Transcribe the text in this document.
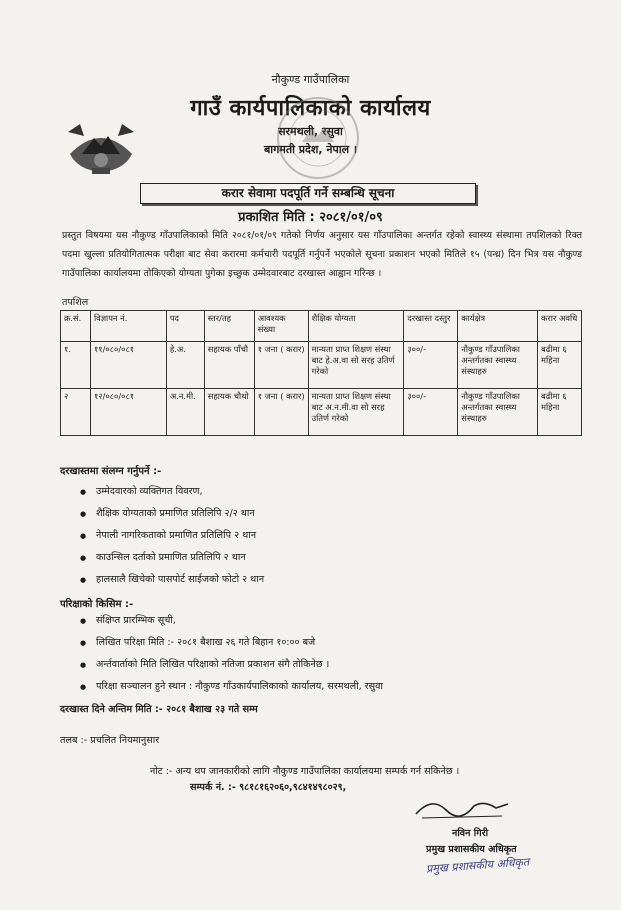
नौकुण्ड गाउँपालिका
गाउँ कार्यपालिकाको कार्यालय
सरमथली, रसुवा
बागमती प्रदेश, नेपाल ।
करार सेवामा पदपूर्ति गर्ने सम्बन्धि सूचना
प्रकाशित मिति : २०८१/०१/०९
प्रस्तुत विषयमा यस नौकुण्ड गाँउपालिकाको मिति २०८१/०१/०९ गतेको निर्णय अनुसार यस गाँउपालिका अन्तर्गत रहेको स्वास्थ्य संस्थामा तपशिलको रिक्त पदमा खुल्ला प्रतियोगितात्मक परीक्षा बाट सेवा करारमा कर्मचारी पदपूर्ति गर्नुपर्ने भएकोले सूचना प्रकाशन भएको मितिले १५ (पन्ध्र) दिन भित्र यस नौकुण्ड गाउँपालिका कार्यालयमा तोकिएको योग्यता पुगेका इच्छुक उम्मेदवारबाट दरखास्त आह्वान गरिन्छ ।
तपशिल
क्र.सं.	विज्ञापन नं.	पद	स्तर/तह	आवश्यक संख्या	शैक्षिक योग्यता	दरखास्त दस्तुर	कार्यक्षेत्र	करार अवधि
१.	११/०८०/०८१	हे.अ.	सहायक पाँचौ	१ जना ( करार)	मान्यता प्राप्त शिक्षण संस्था बाट हे.अ.वा सो सरह उतिर्ण गरेको	३००/-	नौकुण्ड गाँउपालिका अन्तर्गतका स्वास्थ्य संस्थाहरु	बढीमा ६ महिना
२	१२/०८०/०८१	अ.न.मी.	सहायक चौथो	१ जना ( करार)	मान्यता प्राप्त शिक्षण संस्था बाट अ.न.मी.वा सो सरह उतिर्ण गरेको	३००/-	नौकुण्ड गाँउपालिका अन्तर्गतका स्वास्थ्य संस्थाहरु	बढीमा ६ महिना
दरखास्तमा संलग्न गर्नुपर्ने :-
● उम्मेदवारको व्यक्तिगत विवरण,
● शैक्षिक योग्यताको प्रमाणित प्रतिलिपि २/२ थान
● नेपाली नागरिकताको प्रमाणित प्रतिलिपि २ थान
● काउन्सिल दर्ताको प्रमाणित प्रतिलिपि २ थान
● हालसालै खिचेको पासपोर्ट साईजको फोटो २ थान
परिक्षाको किसिम :-
● संक्षिप्त प्रारम्भिक सूची,
● लिखित परिक्षा मिति :- २०८१ बैशाख २६ गते बिहान १०:०० बजे
● अर्न्तवार्ताको मिति लिखित परिक्षाको नतिजा प्रकाशन संगै तोकिनेछ ।
● परिक्षा सञ्चालन हुने स्थान : नौकुण्ड गाँउकार्यपालिकाको कार्यालय, सरमथली, रसुवा
दरखास्त दिने अन्तिम मिति :- २०८१ बैशाख २३ गते सम्म
तलब :- प्रचलित नियमानुसार
नोट :- अन्य थप जानकारीको लागि नौकुण्ड गाउँपालिका कार्यालयमा सम्पर्क गर्न सकिनेछ ।
सम्पर्क नं. :- ९८१८१६२०६०,९८४१४९८०२९,
नविन गिरी
प्रमुख प्रशासकीय अधिकृत
प्रमुख प्रशासकीय अधिकृत
